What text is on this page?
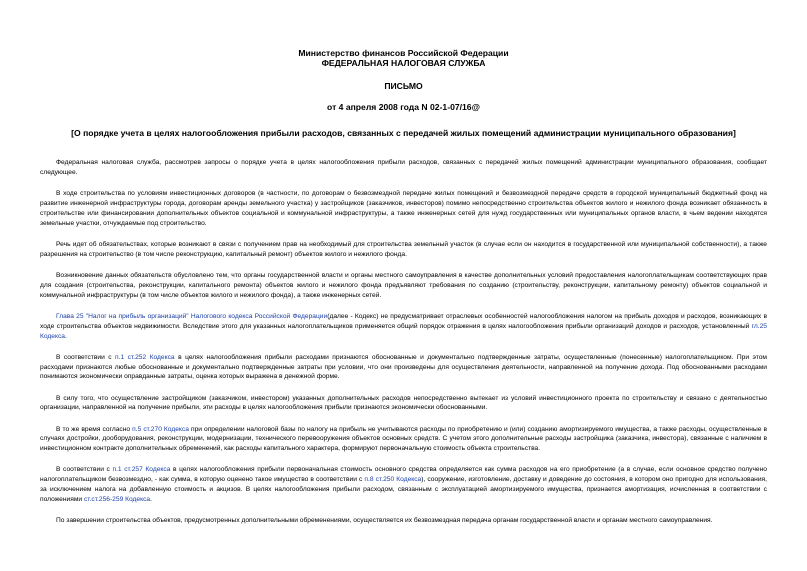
Министерство финансов Российской Федерации
ФЕДЕРАЛЬНАЯ НАЛОГОВАЯ СЛУЖБА
ПИСЬМО
от 4 апреля 2008 года N 02-1-07/16@
[О порядке учета в целях налогообложения прибыли расходов, связанных с передачей жилых помещений администрации муниципального образования]

Федеральная налоговая служба, рассмотрев запросы о порядке учета в целях налогообложения прибыли расходов, связанных с передачей жилых помещений администрации муниципального образования, сообщает следующее.

В ходе строительства по условиям инвестиционных договоров (в частности, по договорам о безвозмездной передаче жилых помещений и безвозмездной передаче средств в городской муниципальный бюджетный фонд на развитие инженерной инфраструктуры города, договорам аренды земельного участка) у застройщиков (заказчиков, инвесторов) помимо непосредственно строительства объектов жилого и нежилого фонда возникает обязанность в строительстве или финансировании дополнительных объектов социальной и коммунальной инфраструктуры, а также инженерных сетей для нужд государственных или муниципальных органов власти, в чьем ведении находятся земельные участки, отчуждаемые под строительство.

Речь идет об обязательствах, которые возникают в связи с получением прав на необходимый для строительства земельный участок (в случае если он находится в государственной или муниципальной собственности), а также разрешения на строительство (в том числе реконструкцию, капитальный ремонт) объектов жилого и нежилого фонда.

Возникновение данных обязательств обусловлено тем, что органы государственной власти и органы местного самоуправления в качестве дополнительных условий предоставления налогоплательщикам соответствующих прав для создания (строительства, реконструкции, капитального ремонта) объектов жилого и нежилого фонда предъявляют требования по созданию (строительству, реконструкции, капитальному ремонту) объектов социальной и коммунальной инфраструктуры (в том числе объектов жилого и нежилого фонда), а также инженерных сетей.

Глава 25 "Налог на прибыль организаций" Налогового кодекса Российской Федерации(далее - Кодекс) не предусматривает отраслевых особенностей налогообложения налогом на прибыль доходов и расходов, возникающих в ходе строительства объектов недвижимости. Вследствие этого для указанных налогоплательщиков применяется общий порядок отражения в целях налогообложения прибыли организаций доходов и расходов, установленный гл.25 Кодекса.

В соответствии с п.1 ст.252 Кодекса в целях налогообложения прибыли расходами признаются обоснованные и документально подтвержденные затраты, осуществленные (понесенные) налогоплательщиком. При этом расходами признаются любые обоснованные и документально подтвержденные затраты при условии, что они произведены для осуществления деятельности, направленной на получение дохода. Под обоснованными расходами понимаются экономически оправданные затраты, оценка которых выражена в денежной форме.

В силу того, что осуществление застройщиком (заказчиком, инвестором) указанных дополнительных расходов непосредственно вытекает из условий инвестиционного проекта по строительству и связано с деятельностью организации, направленной на получение прибыли, эти расходы в целях налогообложения прибыли признаются экономически обоснованными.

В то же время согласно п.5 ст.270 Кодекса при определении налоговой базы по налогу на прибыль не учитываются расходы по приобретению и (или) созданию амортизируемого имущества, а также расходы, осуществленные в случаях достройки, дооборудования, реконструкции, модернизации, технического перевооружения объектов основных средств. С учетом этого дополнительные расходы застройщика (заказчика, инвестора), связанные с наличием в инвестиционном контракте дополнительных обременений, как расходы капитального характера, формируют первоначальную стоимость объекта строительства.

В соответствии с п.1 ст.257 Кодекса в целях налогообложения прибыли первоначальная стоимость основного средства определяется как сумма расходов на его приобретение (а в случае, если основное средство получено налогоплательщиком безвозмездно, - как сумма, в которую оценено такое имущество в соответствии с п.8 ст.250 Кодекса), сооружение, изготовление, доставку и доведение до состояния, в котором оно пригодно для использования, за исключением налога на добавленную стоимость и акцизов. В целях налогообложения прибыли расходом, связанным с эксплуатацией амортизируемого имущества, признается амортизация, исчисленная в соответствии с положениями ст.ст.256-259 Кодекса.

По завершении строительства объектов, предусмотренных дополнительными обременениями, осуществляется их безвозмездная передача органам государственной власти и органам местного самоуправления.
